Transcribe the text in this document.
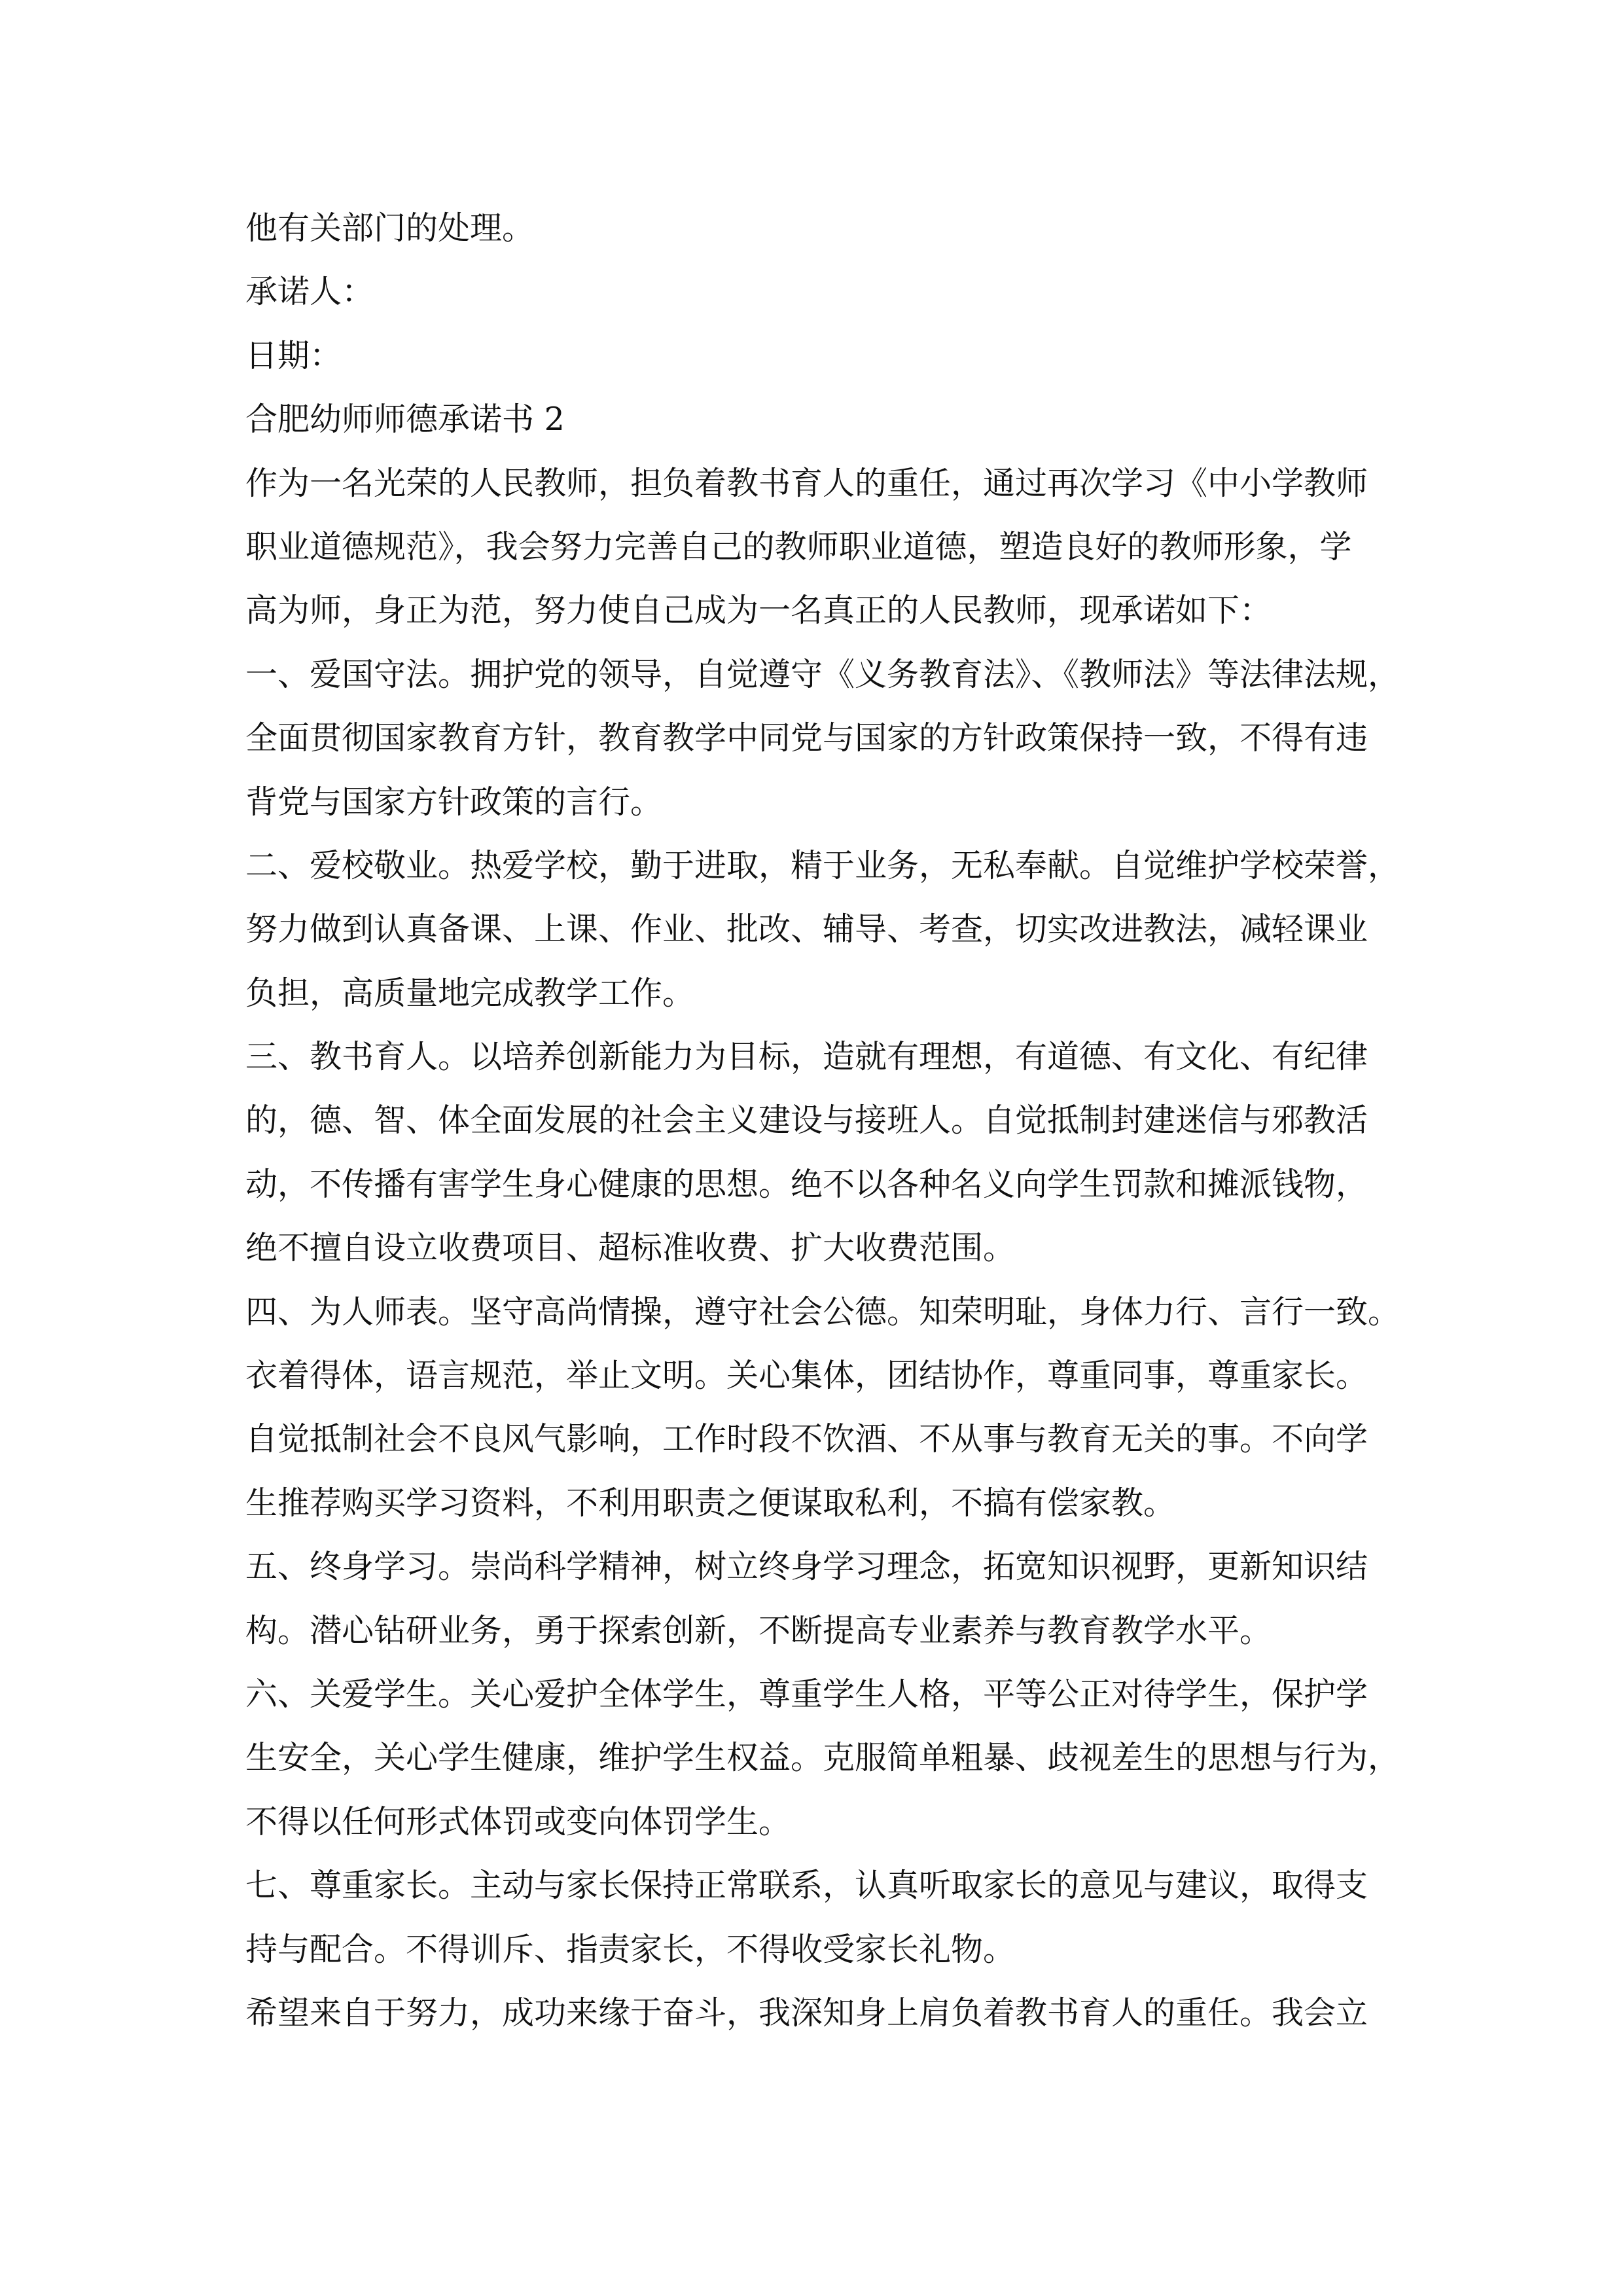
他有关部门的处理。
承诺人：
日期：
合肥幼师师德承诺书 2
作为一名光荣的人民教师，担负着教书育人的重任，通过再次学习《中小学教师
职业道德规范》，我会努力完善自己的教师职业道德，塑造良好的教师形象，学
高为师，身正为范，努力使自己成为一名真正的人民教师，现承诺如下：
一、爱国守法。拥护党的领导，自觉遵守《义务教育法》、《教师法》等法律法规，
全面贯彻国家教育方针，教育教学中同党与国家的方针政策保持一致，不得有违
背党与国家方针政策的言行。
二、爱校敬业。热爱学校，勤于进取，精于业务，无私奉献。自觉维护学校荣誉，
努力做到认真备课、上课、作业、批改、辅导、考查，切实改进教法，减轻课业
负担，高质量地完成教学工作。
三、教书育人。以培养创新能力为目标，造就有理想，有道德、有文化、有纪律
的，德、智、体全面发展的社会主义建设与接班人。自觉抵制封建迷信与邪教活
动，不传播有害学生身心健康的思想。绝不以各种名义向学生罚款和摊派钱物，
绝不擅自设立收费项目、超标准收费、扩大收费范围。
四、为人师表。坚守高尚情操，遵守社会公德。知荣明耻，身体力行、言行一致。
衣着得体，语言规范，举止文明。关心集体，团结协作，尊重同事，尊重家长。
自觉抵制社会不良风气影响，工作时段不饮酒、不从事与教育无关的事。不向学
生推荐购买学习资料，不利用职责之便谋取私利，不搞有偿家教。
五、终身学习。崇尚科学精神，树立终身学习理念，拓宽知识视野，更新知识结
构。潜心钻研业务，勇于探索创新，不断提高专业素养与教育教学水平。
六、关爱学生。关心爱护全体学生，尊重学生人格，平等公正对待学生，保护学
生安全，关心学生健康，维护学生权益。克服简单粗暴、歧视差生的思想与行为，
不得以任何形式体罚或变向体罚学生。
七、尊重家长。主动与家长保持正常联系，认真听取家长的意见与建议，取得支
持与配合。不得训斥、指责家长，不得收受家长礼物。
希望来自于努力，成功来缘于奋斗，我深知身上肩负着教书育人的重任。我会立
